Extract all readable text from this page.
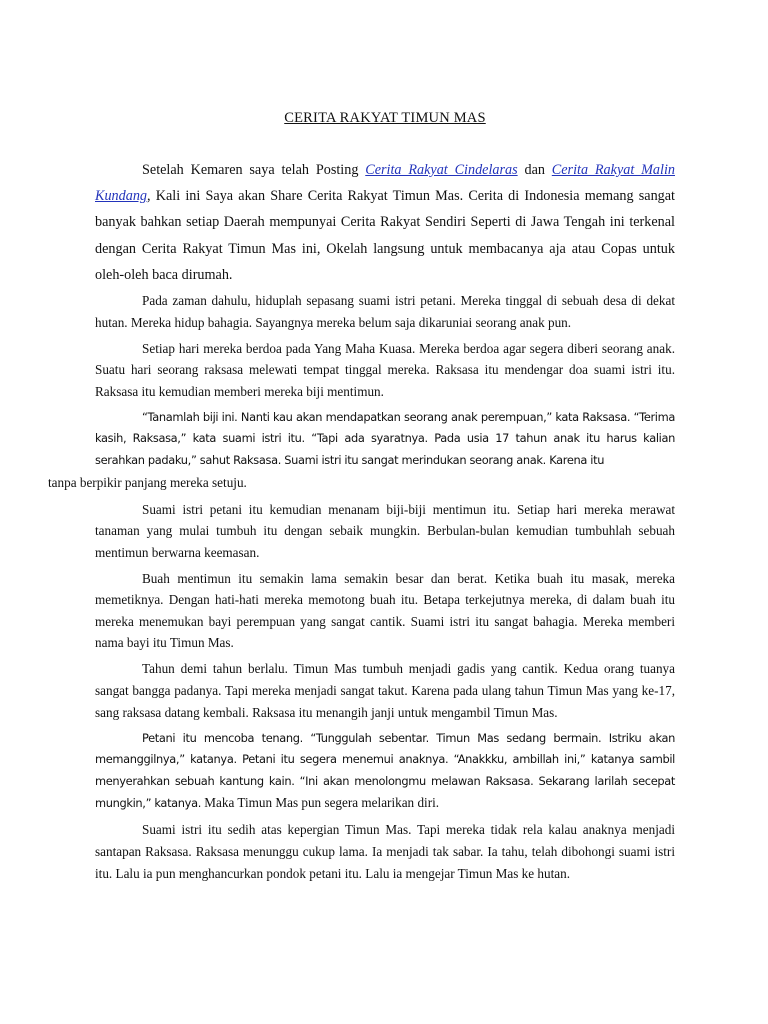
CERITA RAKYAT TIMUN MAS

Setelah Kemaren saya telah Posting Cerita Rakyat Cindelaras dan Cerita Rakyat Malin Kundang, Kali ini Saya akan Share Cerita Rakyat Timun Mas. Cerita di Indonesia memang sangat banyak bahkan setiap Daerah mempunyai Cerita Rakyat Sendiri Seperti di Jawa Tengah ini terkenal dengan Cerita Rakyat Timun Mas ini, Okelah langsung untuk membacanya aja atau Copas untuk oleh-oleh baca dirumah.

Pada zaman dahulu, hiduplah sepasang suami istri petani. Mereka tinggal di sebuah desa di dekat hutan. Mereka hidup bahagia. Sayangnya mereka belum saja dikaruniai seorang anak pun.

Setiap hari mereka berdoa pada Yang Maha Kuasa. Mereka berdoa agar segera diberi seorang anak. Suatu hari seorang raksasa melewati tempat tinggal mereka. Raksasa itu mendengar doa suami istri itu. Raksasa itu kemudian memberi mereka biji mentimun.

“Tanamlah biji ini. Nanti kau akan mendapatkan seorang anak perempuan,” kata Raksasa. “Terima kasih, Raksasa,” kata suami istri itu. “Tapi ada syaratnya. Pada usia 17 tahun anak itu harus kalian serahkan padaku,” sahut Raksasa. Suami istri itu sangat merindukan seorang anak. Karena itu
tanpa berpikir panjang mereka setuju.

Suami istri petani itu kemudian menanam biji-biji mentimun itu. Setiap hari mereka merawat tanaman yang mulai tumbuh itu dengan sebaik mungkin. Berbulan-bulan kemudian tumbuhlah sebuah mentimun berwarna keemasan.

Buah mentimun itu semakin lama semakin besar dan berat. Ketika buah itu masak, mereka memetiknya. Dengan hati-hati mereka memotong buah itu. Betapa terkejutnya mereka, di dalam buah itu mereka menemukan bayi perempuan yang sangat cantik. Suami istri itu sangat bahagia. Mereka memberi nama bayi itu Timun Mas.

Tahun demi tahun berlalu. Timun Mas tumbuh menjadi gadis yang cantik. Kedua orang tuanya sangat bangga padanya. Tapi mereka menjadi sangat takut. Karena pada ulang tahun Timun Mas yang ke-17, sang raksasa datang kembali. Raksasa itu menangih janji untuk mengambil Timun Mas.

Petani itu mencoba tenang. “Tunggulah sebentar. Timun Mas sedang bermain. Istriku akan memanggilnya,” katanya. Petani itu segera menemui anaknya. “Anakkku, ambillah ini,” katanya sambil menyerahkan sebuah kantung kain. “Ini akan menolongmu melawan Raksasa. Sekarang larilah secepat mungkin,” katanya. Maka Timun Mas pun segera melarikan diri.

Suami istri itu sedih atas kepergian Timun Mas. Tapi mereka tidak rela kalau anaknya menjadi santapan Raksasa. Raksasa menunggu cukup lama. Ia menjadi tak sabar. Ia tahu, telah dibohongi suami istri itu. Lalu ia pun menghancurkan pondok petani itu. Lalu ia mengejar Timun Mas ke hutan.
